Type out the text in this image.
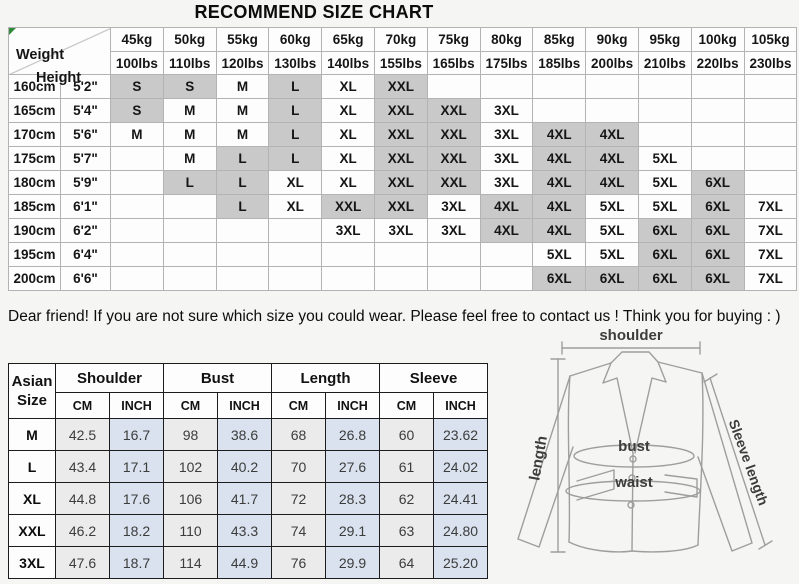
RECOMMEND SIZE CHART
Weight
Height		45kg	50kg	55kg	60kg	65kg	70kg	75kg	80kg	85kg	90kg	95kg	100kg	105kg
		100lbs	110lbs	120lbs	130lbs	140lbs	155lbs	165lbs	175lbs	185lbs	200lbs	210lbs	220lbs	230lbs
160cm	5'2"	S	S	M	L	XL	XXL							
165cm	5'4"	S	M	M	L	XL	XXL	XXL	3XL					
170cm	5'6"	M	M	M	L	XL	XXL	XXL	3XL	4XL	4XL			
175cm	5'7"		M	L	L	XL	XXL	XXL	3XL	4XL	4XL	5XL		
180cm	5'9"		L	L	XL	XL	XXL	XXL	3XL	4XL	4XL	5XL	6XL	
185cm	6'1"			L	XL	XXL	XXL	3XL	4XL	4XL	5XL	5XL	6XL	7XL
190cm	6'2"					3XL	3XL	3XL	4XL	4XL	5XL	6XL	6XL	7XL
195cm	6'4"									5XL	5XL	6XL	6XL	7XL
200cm	6'6"									6XL	6XL	6XL	6XL	7XL
Dear friend! If you are not sure which size you could wear. Please feel free to contact us ! Think you for buying : )
Asian
Size	Shoulder		Bust		Length		Sleeve	
	CM	INCH	CM	INCH	CM	INCH	CM	INCH
M	42.5	16.7	98	38.6	68	26.8	60	23.62
L	43.4	17.1	102	40.2	70	27.6	61	24.02
XL	44.8	17.6	106	41.7	72	28.3	62	24.41
XXL	46.2	18.2	110	43.3	74	29.1	63	24.80
3XL	47.6	18.7	114	44.9	76	29.9	64	25.20
shoulder
length	bust
waist	Sleeve length
